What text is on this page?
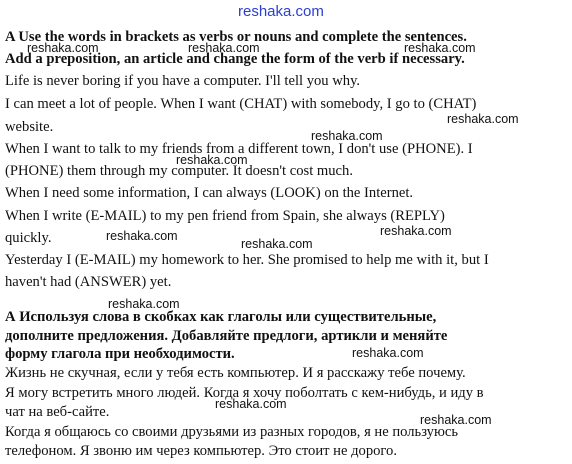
reshaka.com
A Use the words in brackets as verbs or nouns and complete the sentences.
Add a preposition, an article and change the form of the verb if necessary.
Life is never boring if you have a computer. I'll tell you why.
I can meet a lot of people. When I want (CHAT) with somebody, I go to (CHAT)
website.
When I want to talk to my friends from a different town, I don't use (PHONE). I
(PHONE) them through my computer. It doesn't cost much.
When I need some information, I can always (LOOK) on the Internet.
When I write (E-MAIL) to my pen friend from Spain, she always (REPLY)
quickly.
Yesterday I (E-MAIL) my homework to her. She promised to help me with it, but I
haven't had (ANSWER) yet.
А Используя слова в скобках как глаголы или существительные,
дополните предложения. Добавляйте предлоги, артикли и меняйте
форму глагола при необходимости.
Жизнь не скучная, если у тебя есть компьютер. И я расскажу тебе почему.
Я могу встретить много людей. Когда я хочу поболтать с кем-нибудь, и иду в
чат на веб-сайте.
Когда я общаюсь со своими друзьями из разных городов, я не пользуюсь
телефоном. Я звоню им через компьютер. Это стоит не дорого.
reshaka.com	reshaka.com	reshaka.com
reshaka.com
reshaka.com
reshaka.com
reshaka.com
reshaka.com
reshaka.com
reshaka.com
reshaka.com
reshaka.com
reshaka.com
